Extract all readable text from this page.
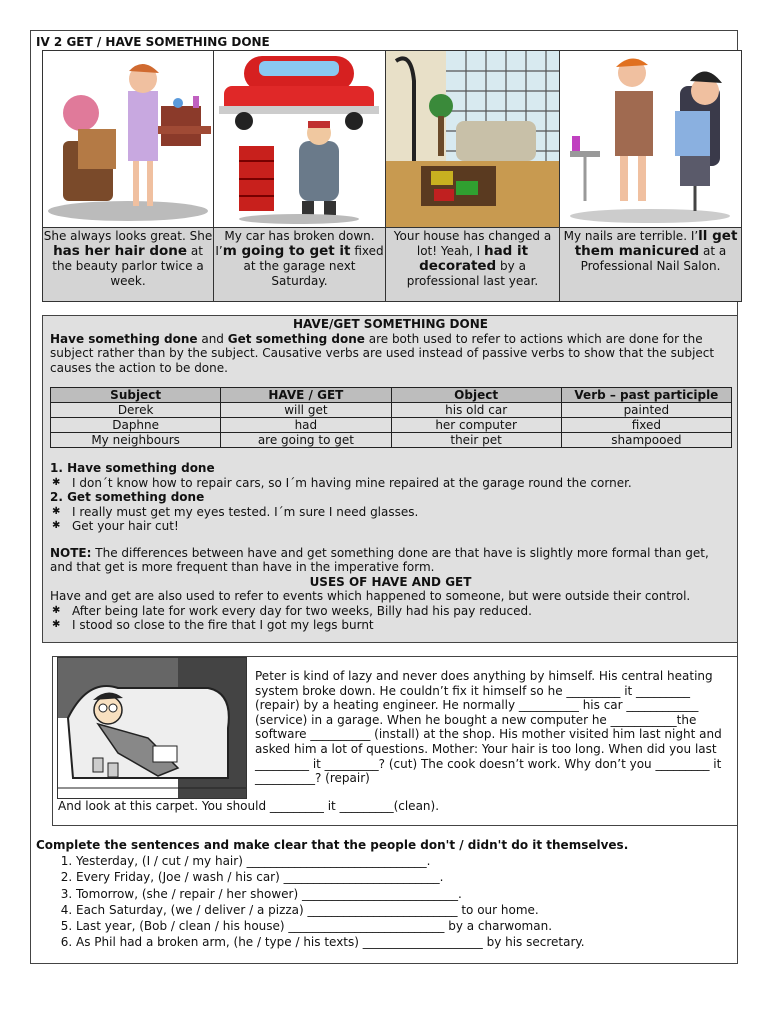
IV 2 GET / HAVE SOMETHING DONE
She always looks great. She has her hair done at the beauty parlor twice a week.
My car has broken down. I’m going to get it fixed at the garage next Saturday.
Your house has changed a lot! Yeah, I had it decorated by a professional last year.
My nails are terrible. I’ll get them manicured at a Professional Nail Salon.
HAVE/GET SOMETHING DONE
Have something done and Get something done are both used to refer to actions which are done for the subject rather than by the subject. Causative verbs are used instead of passive verbs to show that the subject causes the action to be done.
Subject	HAVE / GET	Object	Verb – past participle
Derek	will get	his old car	painted
Daphne	had	her computer	fixed
My neighbours	are going to get	their pet	shampooed
1. Have something done
✱ I don´t know how to repair cars, so I´m having mine repaired at the garage round the corner.
2. Get something done
✱ I really must get my eyes tested. I´m sure I need glasses.
✱ Get your hair cut!
NOTE: The differences between have and get something done are that have is slightly more formal than get, and that get is more frequent than have in the imperative form.
USES OF HAVE AND GET
Have and get are also used to refer to events which happened to someone, but were outside their control.
✱ After being late for work every day for two weeks, Billy had his pay reduced.
✱ I stood so close to the fire that I got my legs burnt
Peter is kind of lazy and never does anything by himself. His central heating system broke down. He couldn’t fix it himself so he _________ it _________ (repair) by a heating engineer. He normally __________ his car ____________ (service) in a garage. When he bought a new computer he ___________the software __________ (install) at the shop. His mother visited him last night and asked him a lot of questions. Mother: Your hair is too long. When did you last _________ it _________? (cut) The cook doesn’t work. Why don’t you _________ it __________? (repair)
And look at this carpet. You should _________ it _________(clean).
Complete the sentences and make clear that the people don't / didn't do it themselves.
1. Yesterday, (I / cut / my hair) ______________________________.
2. Every Friday, (Joe / wash / his car) __________________________.
3. Tomorrow, (she / repair / her shower) __________________________.
4. Each Saturday, (we / deliver / a pizza) _________________________ to our home.
5. Last year, (Bob / clean / his house) __________________________ by a charwoman.
6. As Phil had a broken arm, (he / type / his texts) ____________________ by his secretary.
